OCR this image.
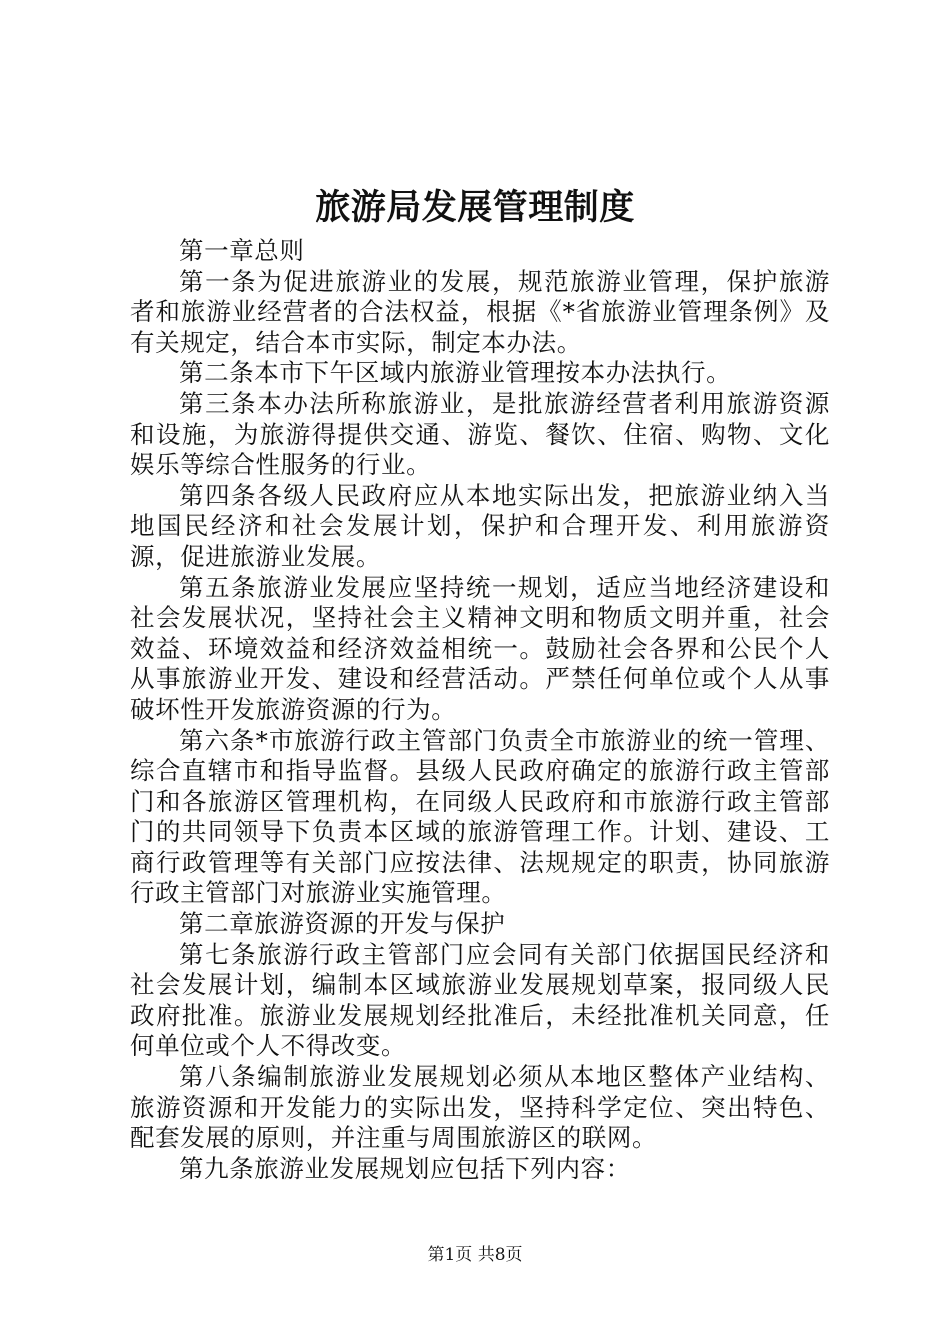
旅游局发展管理制度

第一章总则

第一条为促进旅游业的发展，规范旅游业管理，保护旅游者和旅游业经营者的合法权益，根据《*省旅游业管理条例》及有关规定，结合本市实际，制定本办法。

第二条本市下午区域内旅游业管理按本办法执行。

第三条本办法所称旅游业，是批旅游经营者利用旅游资源和设施，为旅游得提供交通、游览、餐饮、住宿、购物、文化娱乐等综合性服务的行业。

第四条各级人民政府应从本地实际出发，把旅游业纳入当地国民经济和社会发展计划，保护和合理开发、利用旅游资源，促进旅游业发展。

第五条旅游业发展应坚持统一规划，适应当地经济建设和社会发展状况，坚持社会主义精神文明和物质文明并重，社会效益、环境效益和经济效益相统一。鼓励社会各界和公民个人从事旅游业开发、建设和经营活动。严禁任何单位或个人从事破坏性开发旅游资源的行为。

第六条*市旅游行政主管部门负责全市旅游业的统一管理、综合直辖市和指导监督。县级人民政府确定的旅游行政主管部门和各旅游区管理机构，在同级人民政府和市旅游行政主管部门的共同领导下负责本区域的旅游管理工作。计划、建设、工商行政管理等有关部门应按法律、法规规定的职责，协同旅游行政主管部门对旅游业实施管理。

第二章旅游资源的开发与保护

第七条旅游行政主管部门应会同有关部门依据国民经济和社会发展计划，编制本区域旅游业发展规划草案，报同级人民政府批准。旅游业发展规划经批准后，未经批准机关同意，任何单位或个人不得改变。

第八条编制旅游业发展规划必须从本地区整体产业结构、旅游资源和开发能力的实际出发，坚持科学定位、突出特色、配套发展的原则，并注重与周围旅游区的联网。

第九条旅游业发展规划应包括下列内容：

第1页 共8页
